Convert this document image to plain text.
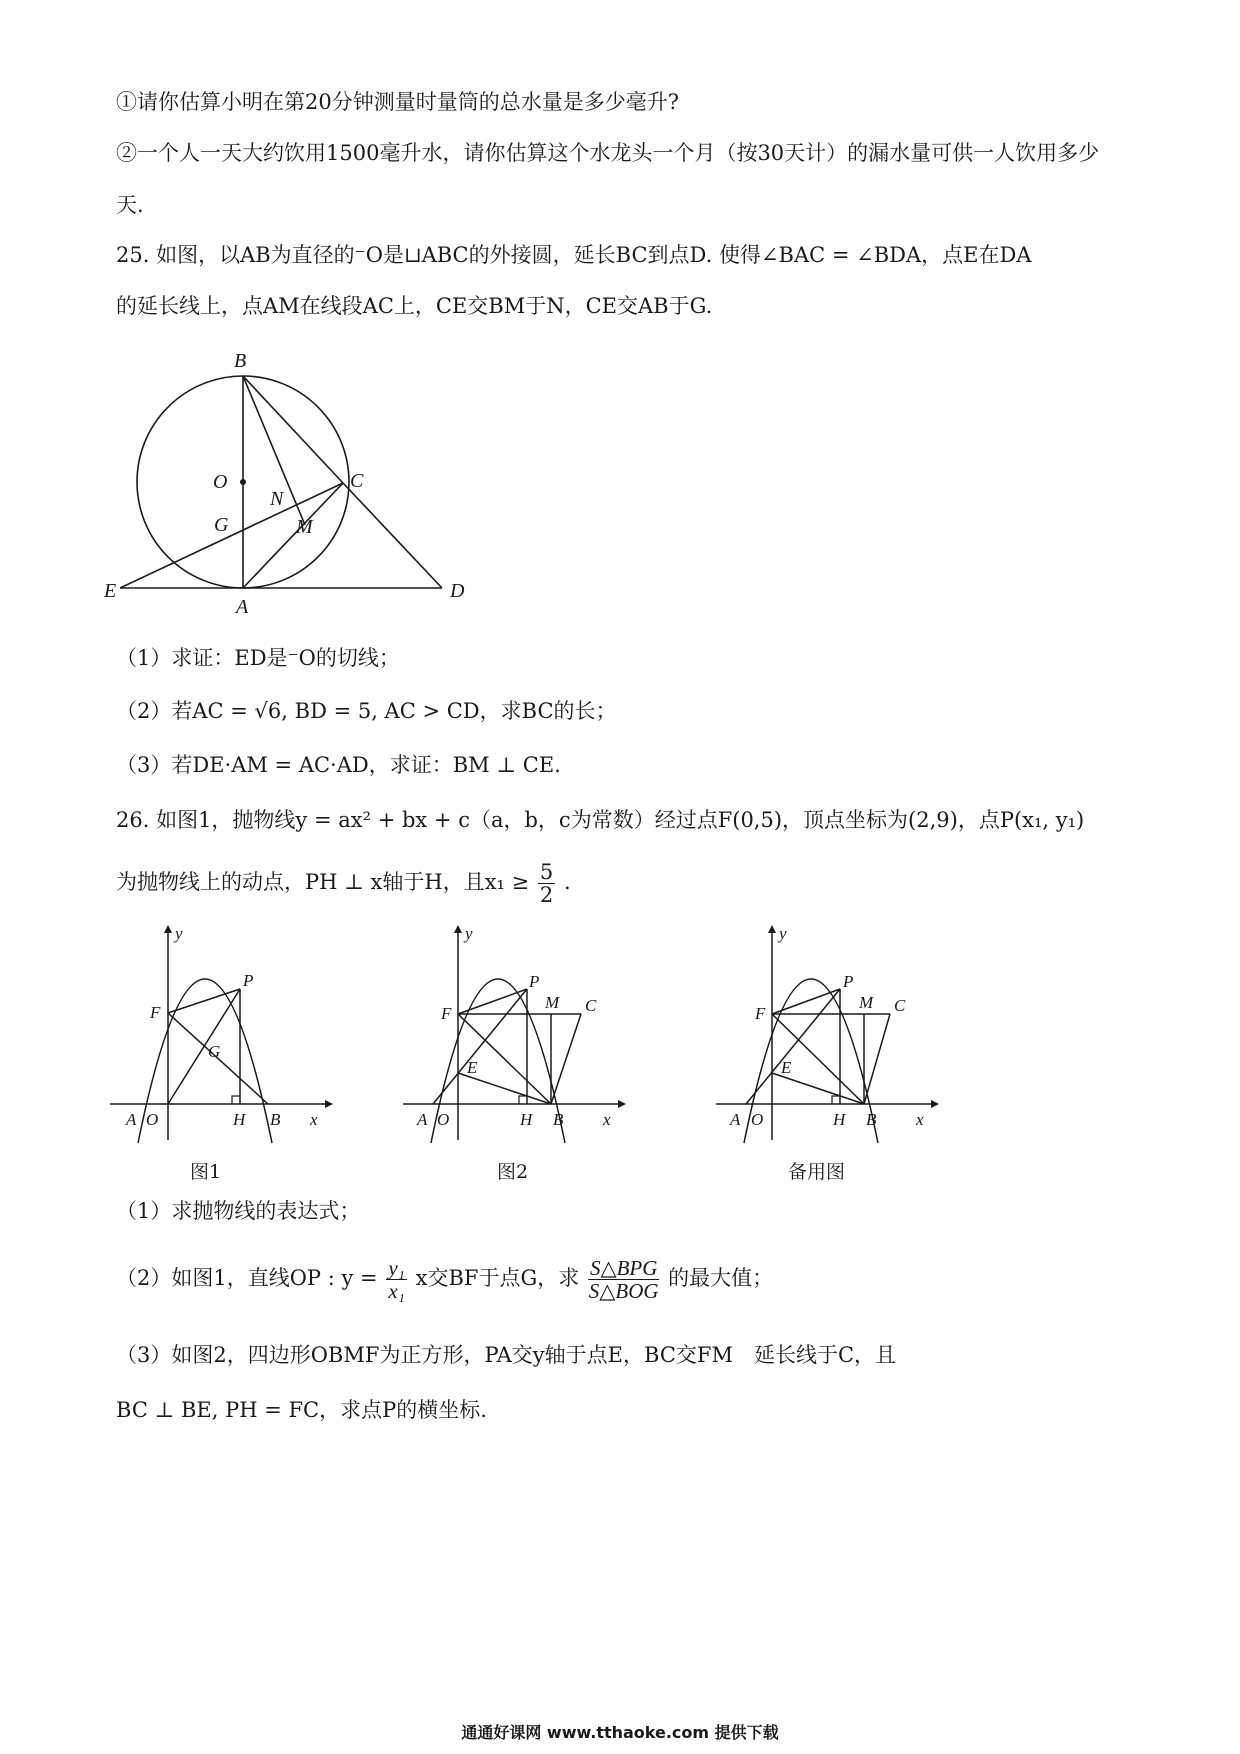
①请你估算小明在第20分钟测量时量筒的总水量是多少毫升?
②一个人一天大约饮用1500毫升水，请你估算这个水龙头一个月（按30天计）的漏水量可供一人饮用多少
天.
25. 如图，以AB为直径的⁻O是⊔ABC的外接圆，延长BC到点D. 使得∠BAC = ∠BDA，点E在DA
的延长线上，点AM在线段AC上，CE交BM于N，CE交AB于G.
B
O	C
N
G	M
E
A
D
（1）求证：ED是⁻O的切线；
（2）若AC = √6, BD = 5, AC > CD，求BC的长；
（3）若DE·AM = AC·AD，求证：BM ⊥ CE.
26. 如图1，抛物线y = ax² + bx + c（a，b，c为常数）经过点F(0,5)，顶点坐标为(2,9)，点P(x₁, y₁)
为抛物线上的动点，PH ⊥ x轴于H，且$x_1 \ge \frac{5}{2}$ .
y
F
P
G
A O	H B x
y
F
P
M C
E
A O	H B x
y
F
P
M C
E
A O	H B x
图1	图2	备用图
（1）求抛物线的表达式；
（2）如图1，直线OP : $y = \frac{\text{y₁}}{\text{x₁}}$ x交BF于点G，求 $\frac{\text{S△BPG}}{\text{S△BOG}}$ 的最大值；
（3）如图2，四边形OBMF为正方形，PA交y轴于点E，BC交FM　延长线于C，且
BC ⊥ BE, PH = FC，求点P的横坐标.
通通好课网 www.tthaoke.com 提供下载
